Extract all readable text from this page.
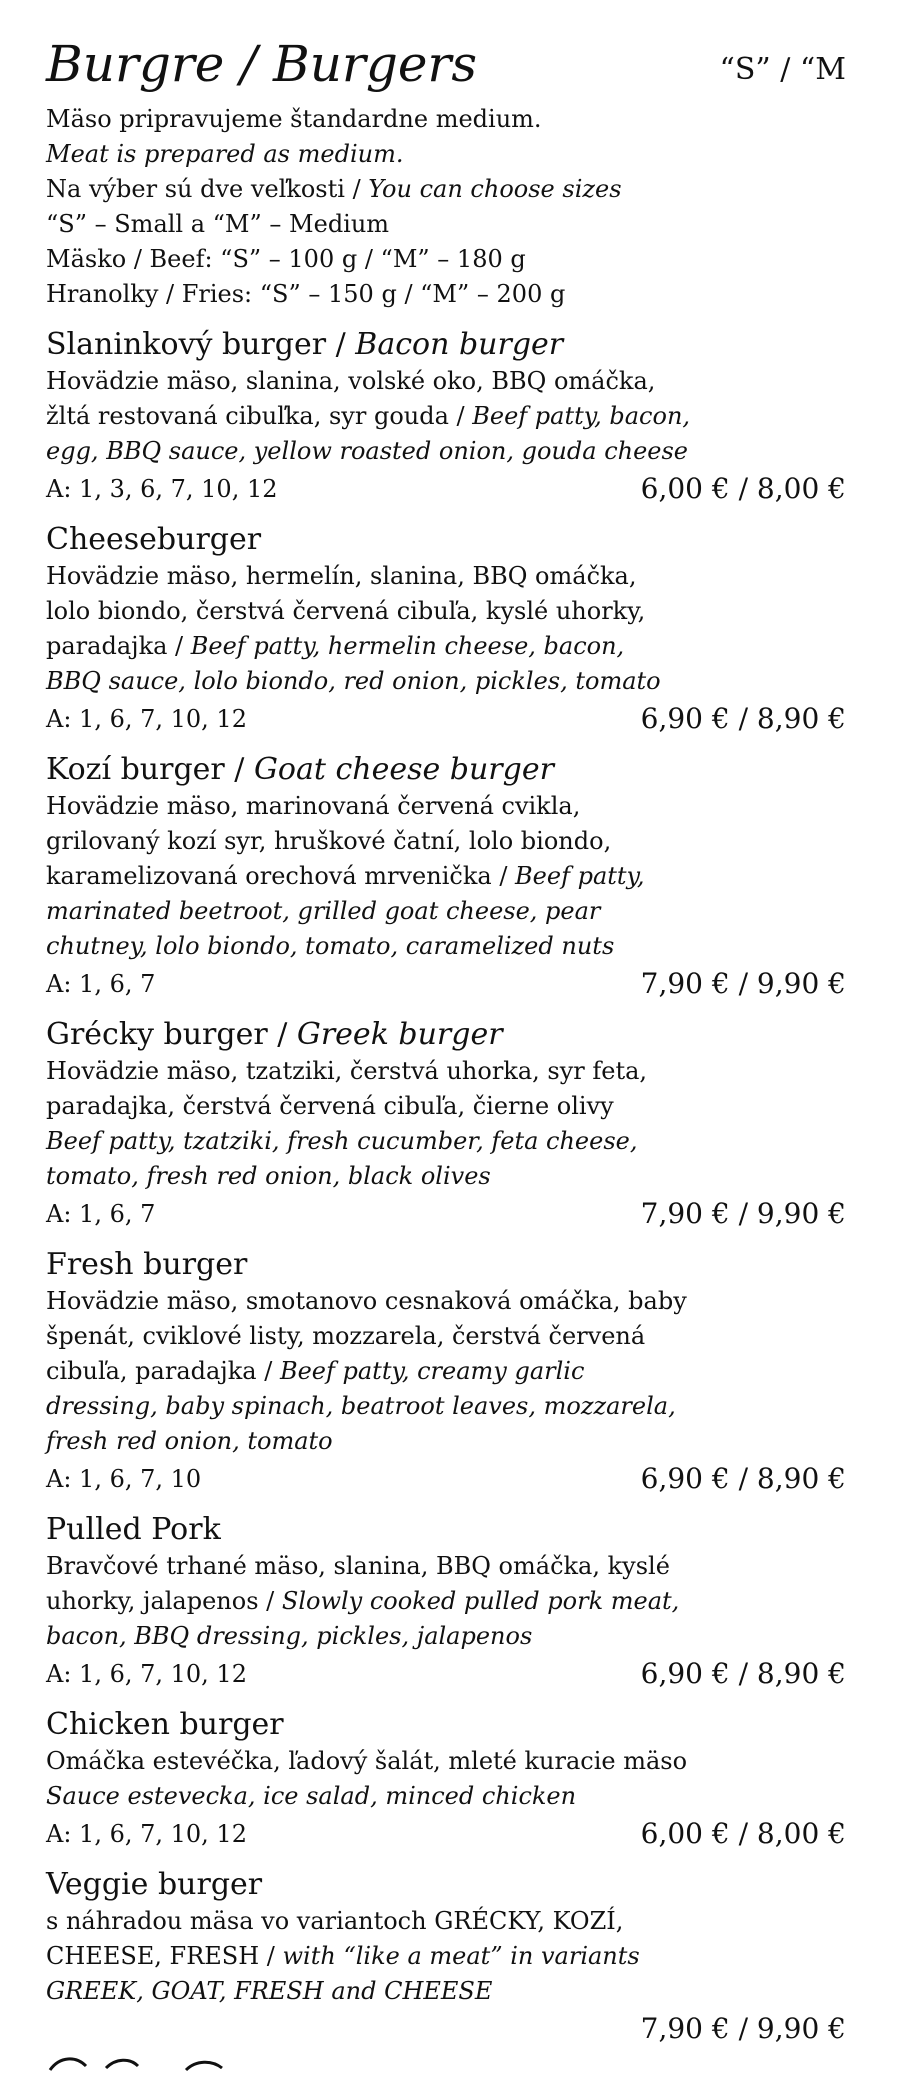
Burgre / Burgers	“S” / “M
Mäso pripravujeme štandardne medium.
Meat is prepared as medium.
Na výber sú dve veľkosti / You can choose sizes
“S” – Small a “M” – Medium
Mäsko / Beef: “S” – 100 g / “M” – 180 g
Hranolky / Fries: “S” – 150 g / “M” – 200 g
Slaninkový burger / Bacon burger
Hovädzie mäso, slanina, volské oko, BBQ omáčka,
žltá restovaná cibuľka, syr gouda / Beef patty, bacon,
egg, BBQ sauce, yellow roasted onion, gouda cheese
A: 1, 3, 6, 7, 10, 12	6,00 € / 8,00 €
Cheeseburger
Hovädzie mäso, hermelín, slanina, BBQ omáčka,
lolo biondo, čerstvá červená cibuľa, kyslé uhorky,
paradajka / Beef patty, hermelin cheese, bacon,
BBQ sauce, lolo biondo, red onion, pickles, tomato
A: 1, 6, 7, 10, 12	6,90 € / 8,90 €
Kozí burger / Goat cheese burger
Hovädzie mäso, marinovaná červená cvikla,
grilovaný kozí syr, hruškové čatní, lolo biondo,
karamelizovaná orechová mrvenička / Beef patty,
marinated beetroot, grilled goat cheese, pear
chutney, lolo biondo, tomato, caramelized nuts
A: 1, 6, 7	7,90 € / 9,90 €
Grécky burger / Greek burger
Hovädzie mäso, tzatziki, čerstvá uhorka, syr feta,
paradajka, čerstvá červená cibuľa, čierne olivy
Beef patty, tzatziki, fresh cucumber, feta cheese,
tomato, fresh red onion, black olives
A: 1, 6, 7	7,90 € / 9,90 €
Fresh burger
Hovädzie mäso, smotanovo cesnaková omáčka, baby
špenát, cviklové listy, mozzarela, čerstvá červená
cibuľa, paradajka / Beef patty, creamy garlic
dressing, baby spinach, beatroot leaves, mozzarela,
fresh red onion, tomato
A: 1, 6, 7, 10	6,90 € / 8,90 €
Pulled Pork
Bravčové trhané mäso, slanina, BBQ omáčka, kyslé
uhorky, jalapenos / Slowly cooked pulled pork meat,
bacon, BBQ dressing, pickles, jalapenos
A: 1, 6, 7, 10, 12	6,90 € / 8,90 €
Chicken burger
Omáčka estevéčka, ľadový šalát, mleté kuracie mäso
Sauce estevecka, ice salad, minced chicken
A: 1, 6, 7, 10, 12	6,00 € / 8,00 €
Veggie burger
s náhradou mäsa vo variantoch GRÉCKY, KOZÍ,
CHEESE, FRESH / with “like a meat” in variants
GREEK, GOAT, FRESH and CHEESE
7,90 € / 9,90 €
